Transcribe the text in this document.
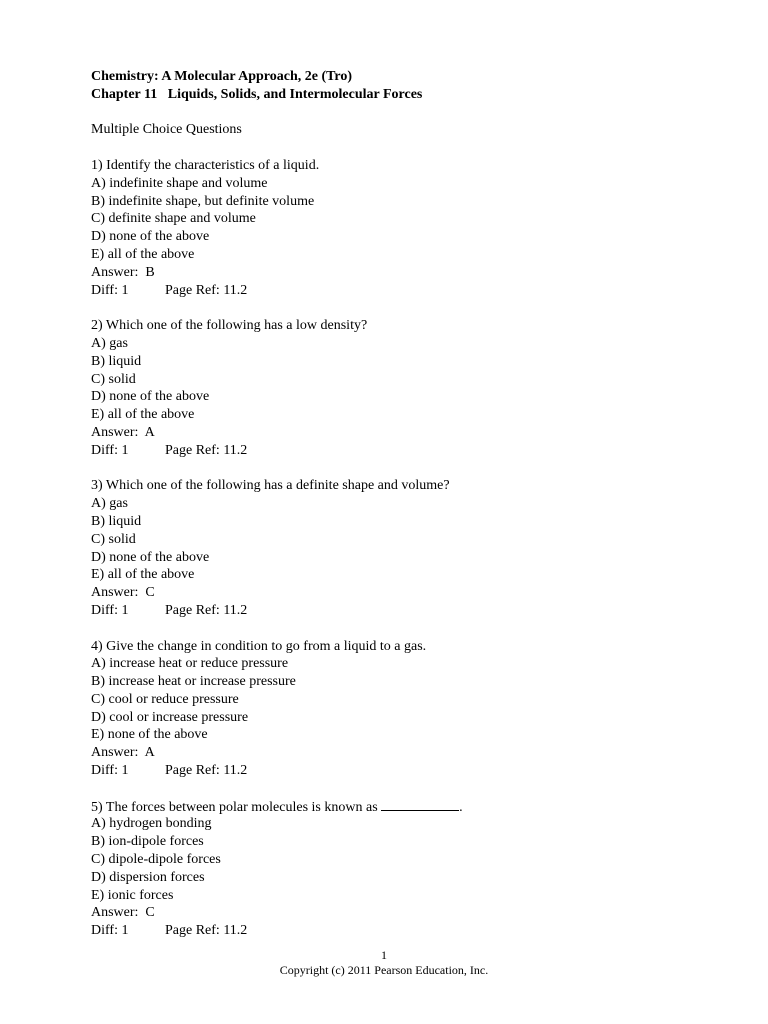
Chemistry: A Molecular Approach, 2e (Tro)
Chapter 11   Liquids, Solids, and Intermolecular Forces
Multiple Choice Questions
1) Identify the characteristics of a liquid.
A) indefinite shape and volume
B) indefinite shape, but definite volume
C) definite shape and volume
D) none of the above
E) all of the above
Answer:  B
Diff: 1	Page Ref: 11.2
2) Which one of the following has a low density?
A) gas
B) liquid
C) solid
D) none of the above
E) all of the above
Answer:  A
Diff: 1	Page Ref: 11.2
3) Which one of the following has a definite shape and volume?
A) gas
B) liquid
C) solid
D) none of the above
E) all of the above
Answer:  C
Diff: 1	Page Ref: 11.2
4) Give the change in condition to go from a liquid to a gas.
A) increase heat or reduce pressure
B) increase heat or increase pressure
C) cool or reduce pressure
D) cool or increase pressure
E) none of the above
Answer:  A
Diff: 1	Page Ref: 11.2
5) The forces between polar molecules is known as	.
A) hydrogen bonding
B) ion-dipole forces
C) dipole-dipole forces
D) dispersion forces
E) ionic forces
Answer:  C
Diff: 1	Page Ref: 11.2
1
Copyright (c) 2011 Pearson Education, Inc.
